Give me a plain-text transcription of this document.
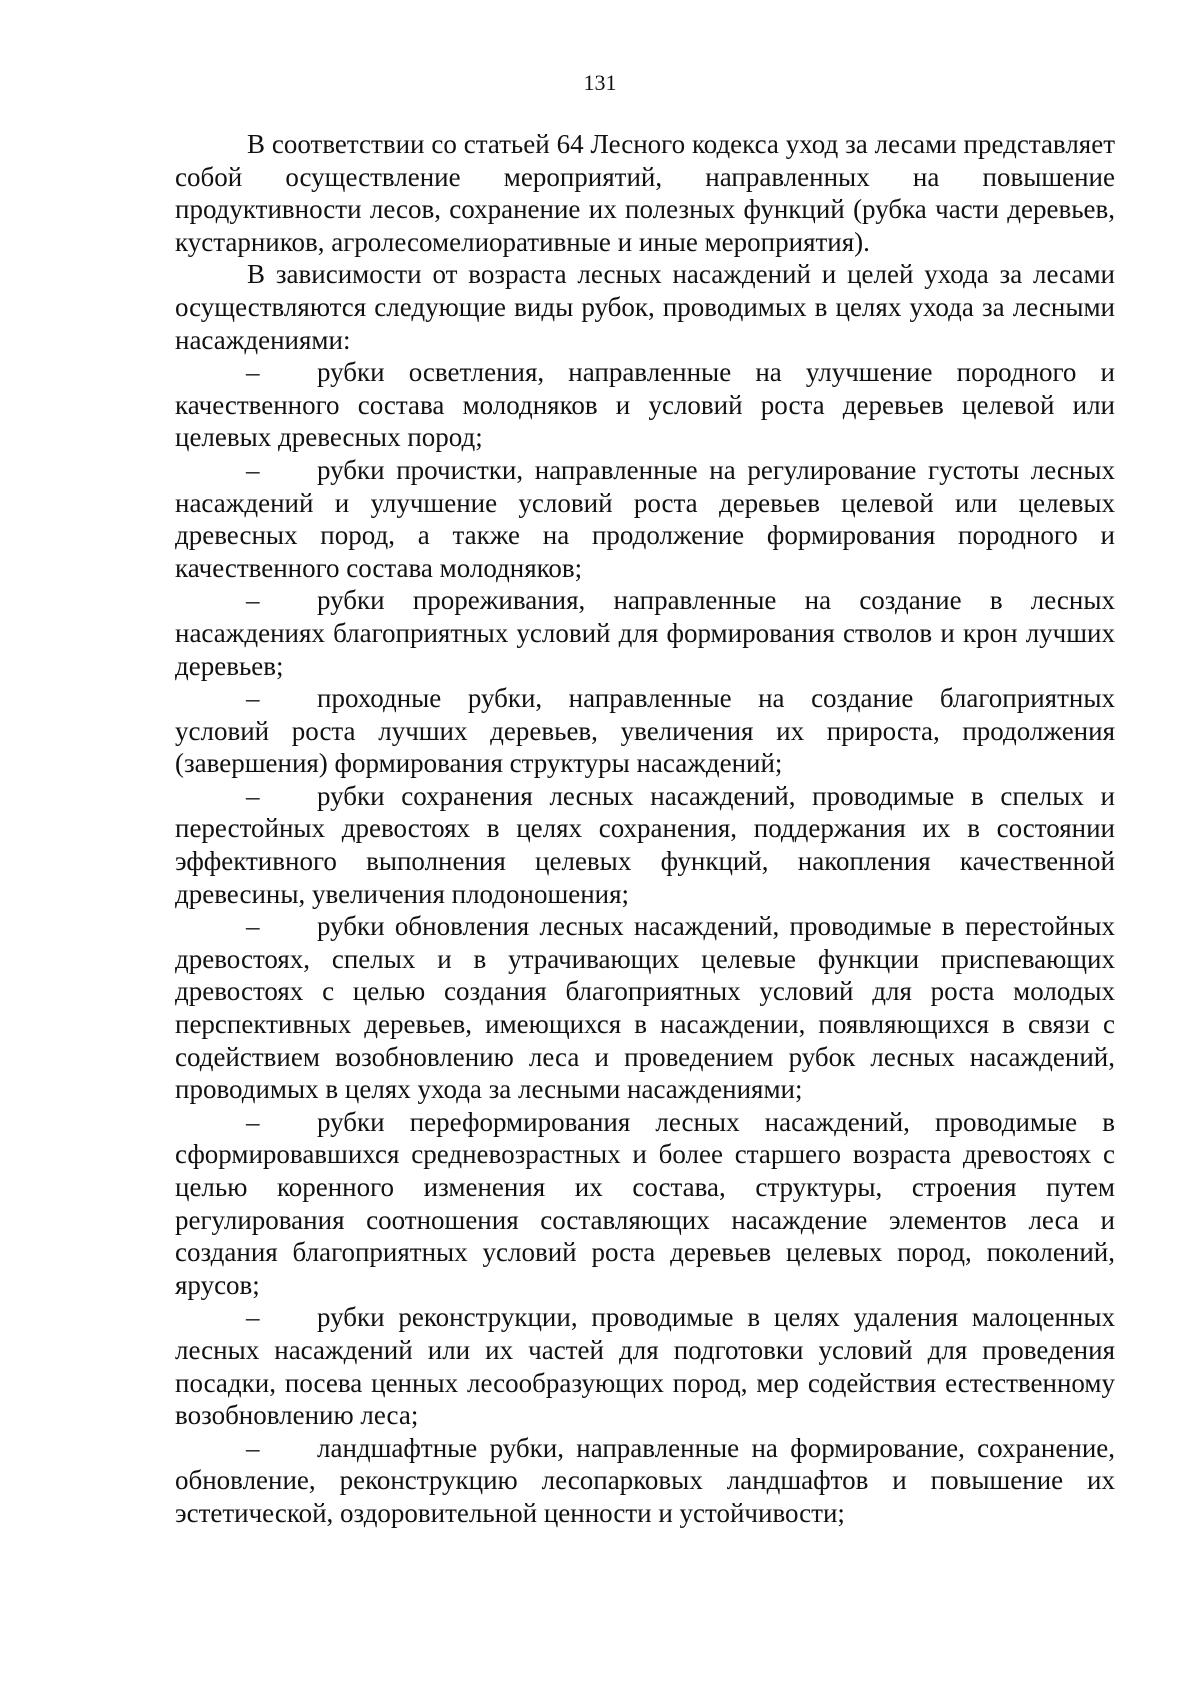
131

В соответствии со статьей 64 Лесного кодекса уход за лесами представляет собой осуществление мероприятий, направленных на повышение продуктивности лесов, сохранение их полезных функций (рубка части деревьев, кустарников, агролесомелиоративные и иные мероприятия).

В зависимости от возраста лесных насаждений и целей ухода за лесами осуществляются следующие виды рубок, проводимых в целях ухода за лесными насаждениями:

– рубки осветления, направленные на улучшение породного и качественного состава молодняков и условий роста деревьев целевой или целевых древесных пород;

– рубки прочистки, направленные на регулирование густоты лесных насаждений и улучшение условий роста деревьев целевой или целевых древесных пород, а также на продолжение формирования породного и качественного состава молодняков;

– рубки прореживания, направленные на создание в лесных насаждениях благоприятных условий для формирования стволов и крон лучших деревьев;

– проходные рубки, направленные на создание благоприятных условий роста лучших деревьев, увеличения их прироста, продолжения (завершения) формирования структуры насаждений;

– рубки сохранения лесных насаждений, проводимые в спелых и перестойных древостоях в целях сохранения, поддержания их в состоянии эффективного выполнения целевых функций, накопления качественной древесины, увеличения плодоношения;

– рубки обновления лесных насаждений, проводимые в перестойных древостоях, спелых и в утрачивающих целевые функции приспевающих древостоях с целью создания благоприятных условий для роста молодых перспективных деревьев, имеющихся в насаждении, появляющихся в связи с содействием возобновлению леса и проведением рубок лесных насаждений, проводимых в целях ухода за лесными насаждениями;

– рубки переформирования лесных насаждений, проводимые в сформировавшихся средневозрастных и более старшего возраста древостоях с целью коренного изменения их состава, структуры, строения путем регулирования соотношения составляющих насаждение элементов леса и создания благоприятных условий роста деревьев целевых пород, поколений, ярусов;

– рубки реконструкции, проводимые в целях удаления малоценных лесных насаждений или их частей для подготовки условий для проведения посадки, посева ценных лесообразующих пород, мер содействия естественному возобновлению леса;

– ландшафтные рубки, направленные на формирование, сохранение, обновление, реконструкцию лесопарковых ландшафтов и повышение их эстетической, оздоровительной ценности и устойчивости;
